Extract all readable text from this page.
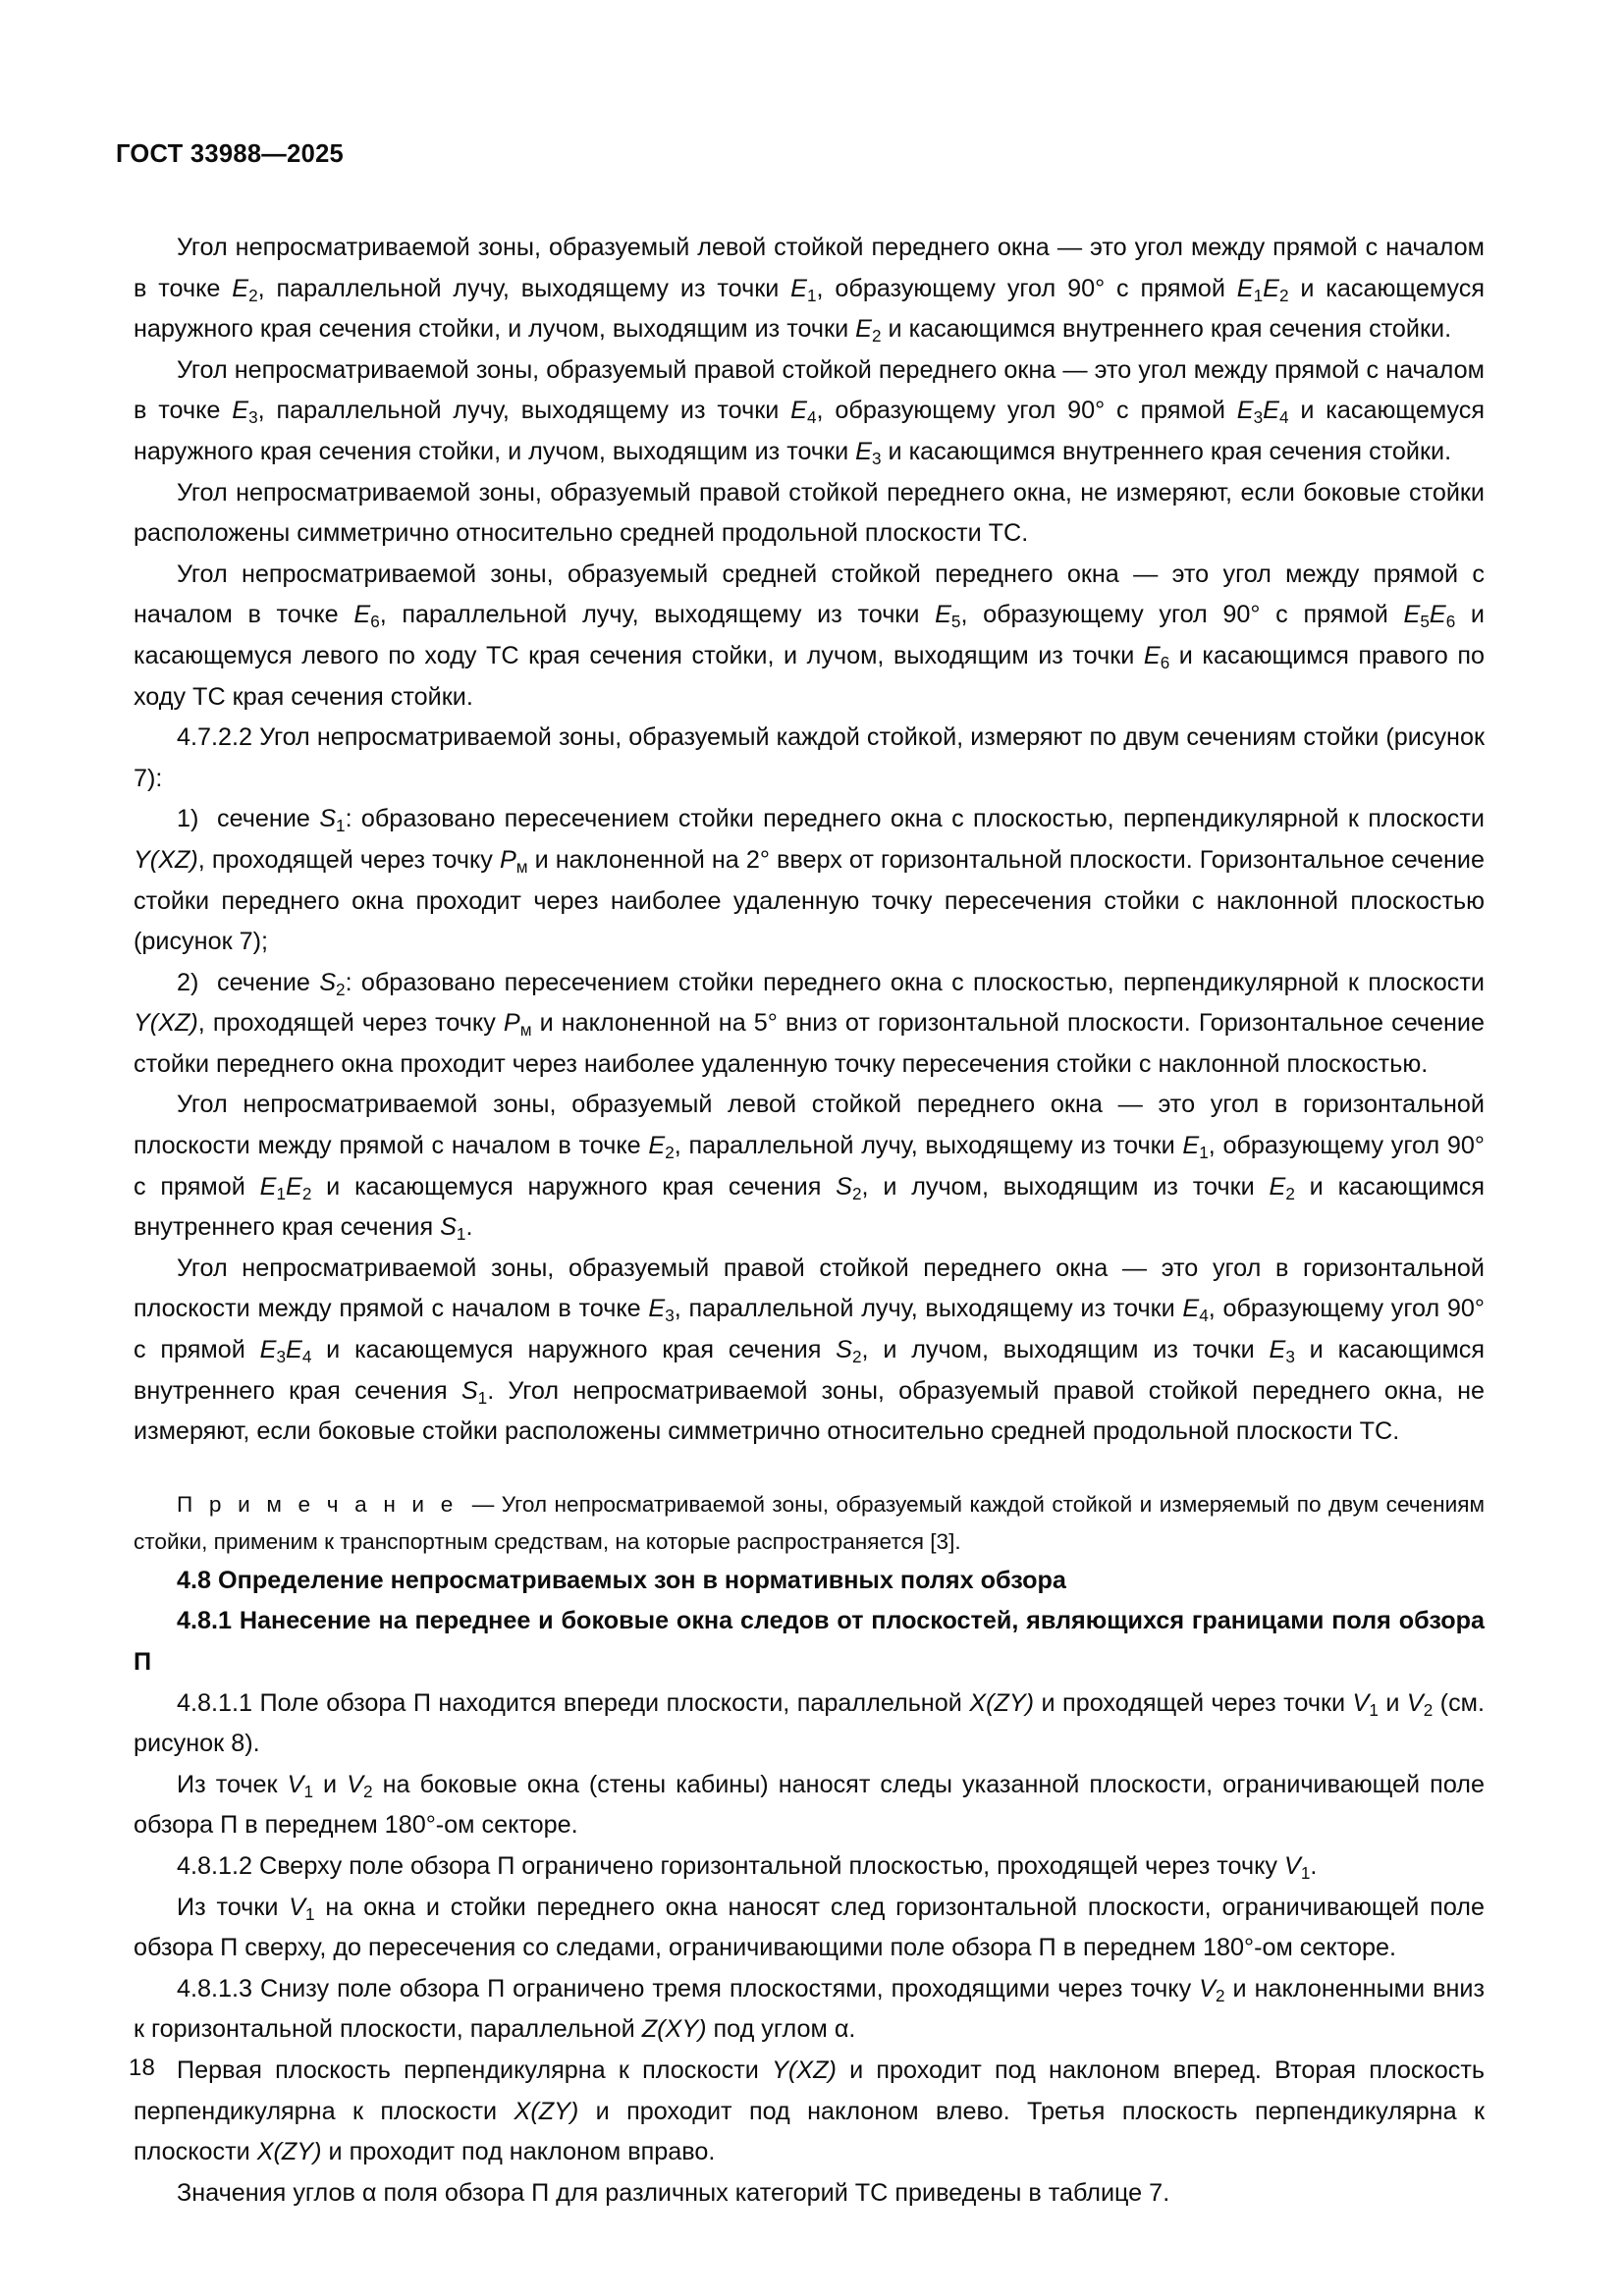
ГОСТ 33988—2025

Угол непросматриваемой зоны, образуемый левой стойкой переднего окна — это угол между прямой с началом в точке $E_2$, параллельной лучу, выходящему из точки $E_1$, образующему угол 90° с прямой $E_1E_2$ и касающемуся наружного края сечения стойки, и лучом, выходящим из точки $E_2$ и касающимся внутреннего края сечения стойки.

Угол непросматриваемой зоны, образуемый правой стойкой переднего окна — это угол между прямой с началом в точке $E_3$, параллельной лучу, выходящему из точки $E_4$, образующему угол 90° с прямой $E_3E_4$ и касающемуся наружного края сечения стойки, и лучом, выходящим из точки $E_3$ и касающимся внутреннего края сечения стойки.

Угол непросматриваемой зоны, образуемый правой стойкой переднего окна, не измеряют, если боковые стойки расположены симметрично относительно средней продольной плоскости ТС.

Угол непросматриваемой зоны, образуемый средней стойкой переднего окна — это угол между прямой с началом в точке $E_6$, параллельной лучу, выходящему из точки $E_5$, образующему угол 90° с прямой $E_5E_6$ и касающемуся левого по ходу ТС края сечения стойки, и лучом, выходящим из точки $E_6$ и касающимся правого по ходу ТС края сечения стойки.

4.7.2.2 Угол непросматриваемой зоны, образуемый каждой стойкой, измеряют по двум сечениям стойки (рисунок 7):

1)  сечение $S_1$: образовано пересечением стойки переднего окна с плоскостью, перпендикулярной к плоскости Y(XZ), проходящей через точку $P_м$ и наклоненной на 2° вверх от горизонтальной плоскости. Горизонтальное сечение стойки переднего окна проходит через наиболее удаленную точку пересечения стойки с наклонной плоскостью (рисунок 7);

2)  сечение $S_2$: образовано пересечением стойки переднего окна с плоскостью, перпендикулярной к плоскости Y(XZ), проходящей через точку $P_м$ и наклоненной на 5° вниз от горизонтальной плоскости. Горизонтальное сечение стойки переднего окна проходит через наиболее удаленную точку пересечения стойки с наклонной плоскостью.

Угол непросматриваемой зоны, образуемый левой стойкой переднего окна — это угол в горизонтальной плоскости между прямой с началом в точке $E_2$, параллельной лучу, выходящему из точки $E_1$, образующему угол 90° с прямой $E_1E_2$ и касающемуся наружного края сечения $S_2$, и лучом, выходящим из точки $E_2$ и касающимся внутреннего края сечения $S_1$.

Угол непросматриваемой зоны, образуемый правой стойкой переднего окна — это угол в горизонтальной плоскости между прямой с началом в точке $E_3$, параллельной лучу, выходящему из точки $E_4$, образующему угол 90° с прямой $E_3E_4$ и касающемуся наружного края сечения $S_2$, и лучом, выходящим из точки $E_3$ и касающимся внутреннего края сечения $S_1$. Угол непросматриваемой зоны, образуемый правой стойкой переднего окна, не измеряют, если боковые стойки расположены симметрично относительно средней продольной плоскости ТС.

П р и м е ч а н и е — Угол непросматриваемой зоны, образуемый каждой стойкой и измеряемый по двум сечениям стойки, применим к транспортным средствам, на которые распространяется [3].

4.8 Определение непросматриваемых зон в нормативных полях обзора
4.8.1 Нанесение на переднее и боковые окна следов от плоскостей, являющихся границами поля обзора П

4.8.1.1 Поле обзора П находится впереди плоскости, параллельной X(ZY) и проходящей через точки $V_1$ и $V_2$ (см. рисунок 8).

Из точек $V_1$ и $V_2$ на боковые окна (стены кабины) наносят следы указанной плоскости, ограничивающей поле обзора П в переднем 180°-ом секторе.

4.8.1.2 Сверху поле обзора П ограничено горизонтальной плоскостью, проходящей через точку $V_1$.

Из точки $V_1$ на окна и стойки переднего окна наносят след горизонтальной плоскости, ограничивающей поле обзора П сверху, до пересечения со следами, ограничивающими поле обзора П в переднем 180°-ом секторе.

4.8.1.3 Снизу поле обзора П ограничено тремя плоскостями, проходящими через точку $V_2$ и наклоненными вниз к горизонтальной плоскости, параллельной Z(XY) под углом α.

Первая плоскость перпендикулярна к плоскости Y(XZ) и проходит под наклоном вперед. Вторая плоскость перпендикулярна к плоскости X(ZY) и проходит под наклоном влево. Третья плоскость перпендикулярна к плоскости X(ZY) и проходит под наклоном вправо.

Значения углов α поля обзора П для различных категорий ТС приведены в таблице 7.

18
